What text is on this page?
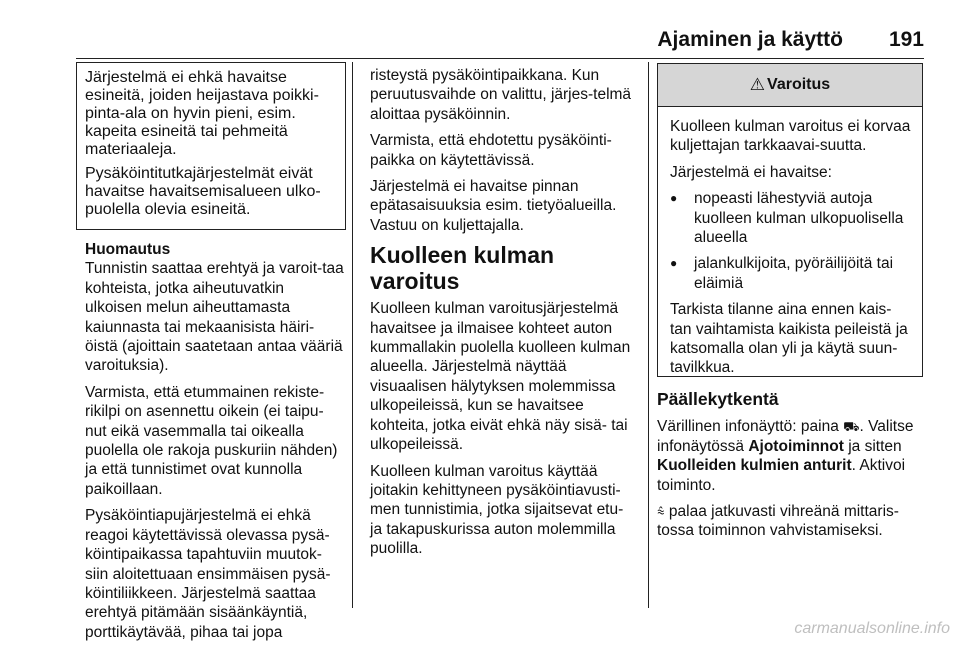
Ajaminen ja käyttö 191

Järjestelmä ei ehkä havaitse esineitä, joiden heijastava poikki-pinta-ala on hyvin pieni, esim. kapeita esineitä tai pehmeitä materiaaleja.

Pysäköintitutkajärjestelmät eivät havaitse havaitsemisalueen ulko-puolella olevia esineitä.

Huomautus

Tunnistin saattaa erehtyä ja varoit-taa kohteista, jotka aiheutuvatkin ulkoisen melun aiheuttamasta kaiunnasta tai mekaanisista häiri-öistä (ajoittain saatetaan antaa vääriä varoituksia).

Varmista, että etummainen rekiste-rikilpi on asennettu oikein (ei taipu-nut eikä vasemmalla tai oikealla puolella ole rakoja puskuriin nähden) ja että tunnistimet ovat kunnolla paikoillaan.

Pysäköintiapujärjestelmä ei ehkä reagoi käytettävissä olevassa pysä-köintipaikassa tapahtuviin muutok-siin aloitettuaan ensimmäisen pysä-köintiliikkeen. Järjestelmä saattaa erehtyä pitämään sisäänkäyntiä, porttikäytävää, pihaa tai jopa

risteystä pysäköintipaikkana. Kun peruutusvaihde on valittu, järjes-telmä aloittaa pysäköinnin.

Varmista, että ehdotettu pysäköinti-paikka on käytettävissä.

Järjestelmä ei havaitse pinnan epätasaisuuksia esim. tietyöalueilla. Vastuu on kuljettajalla.

Kuolleen kulman varoitus

Kuolleen kulman varoitusjärjestelmä havaitsee ja ilmaisee kohteet auton kummallakin puolella kuolleen kulman alueella. Järjestelmä näyttää visuaalisen hälytyksen molemmissa ulkopeileissä, kun se havaitsee kohteita, jotka eivät ehkä näy sisä- tai ulkopeileissä.

Kuolleen kulman varoitus käyttää joitakin kehittyneen pysäköintiavusti-men tunnistimia, jotka sijaitsevat etu- ja takapuskurissa auton molemmilla puolilla.

⚠ Varoitus

Kuolleen kulman varoitus ei korvaa kuljettajan tarkkaavai-suutta.

Järjestelmä ei havaitse:

● nopeasti lähestyviä autoja kuolleen kulman ulkopuolisella alueella
● jalankulkijoita, pyöräilijöitä tai eläimiä

Tarkista tilanne aina ennen kais-tan vaihtamista kaikista peileistä ja katsomalla olan yli ja käytä suun-tavilkkua.

Päällekytkentä

Värillinen infonäyttö: paina ⛟. Valitse infonäytössä Ajotoiminnot ja sitten Kuolleiden kulmien anturit. Aktivoi toiminto.

⩯ palaa jatkuvasti vihreänä mittaris-tossa toiminnon vahvistamiseksi.

carmanualsonline.info
